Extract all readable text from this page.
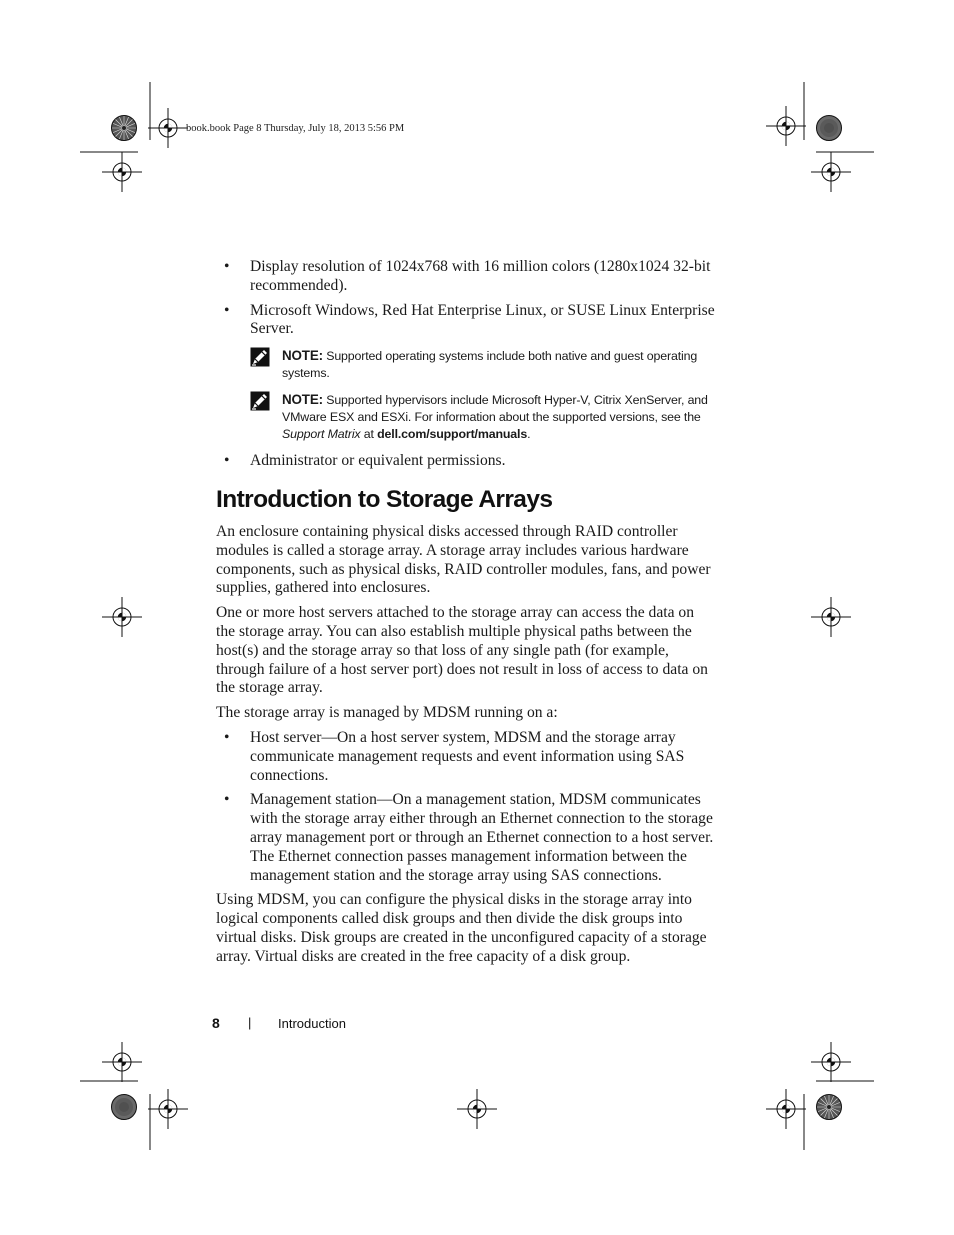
book.book Page 8 Thursday, July 18, 2013 5:56 PM
• Display resolution of 1024x768 with 16 million colors (1280x1024 32-bit recommended).
• Microsoft Windows, Red Hat Enterprise Linux, or SUSE Linux Enterprise Server.
NOTE: Supported operating systems include both native and guest operating systems.
NOTE: Supported hypervisors include Microsoft Hyper-V, Citrix XenServer, and VMware ESX and ESXi. For information about the supported versions, see the Support Matrix at dell.com/support/manuals.
• Administrator or equivalent permissions.
Introduction to Storage Arrays

An enclosure containing physical disks accessed through RAID controller modules is called a storage array. A storage array includes various hardware components, such as physical disks, RAID controller modules, fans, and power supplies, gathered into enclosures.

One or more host servers attached to the storage array can access the data on the storage array. You can also establish multiple physical paths between the host(s) and the storage array so that loss of any single path (for example, through failure of a host server port) does not result in loss of access to data on the storage array.

The storage array is managed by MDSM running on a:

• Host server—On a host server system, MDSM and the storage array communicate management requests and event information using SAS connections.
• Management station—On a management station, MDSM communicates with the storage array either through an Ethernet connection to the storage array management port or through an Ethernet connection to a host server. The Ethernet connection passes management information between the management station and the storage array using SAS connections.

Using MDSM, you can configure the physical disks in the storage array into logical components called disk groups and then divide the disk groups into virtual disks. Disk groups are created in the unconfigured capacity of a storage array. Virtual disks are created in the free capacity of a disk group.

8 | Introduction
